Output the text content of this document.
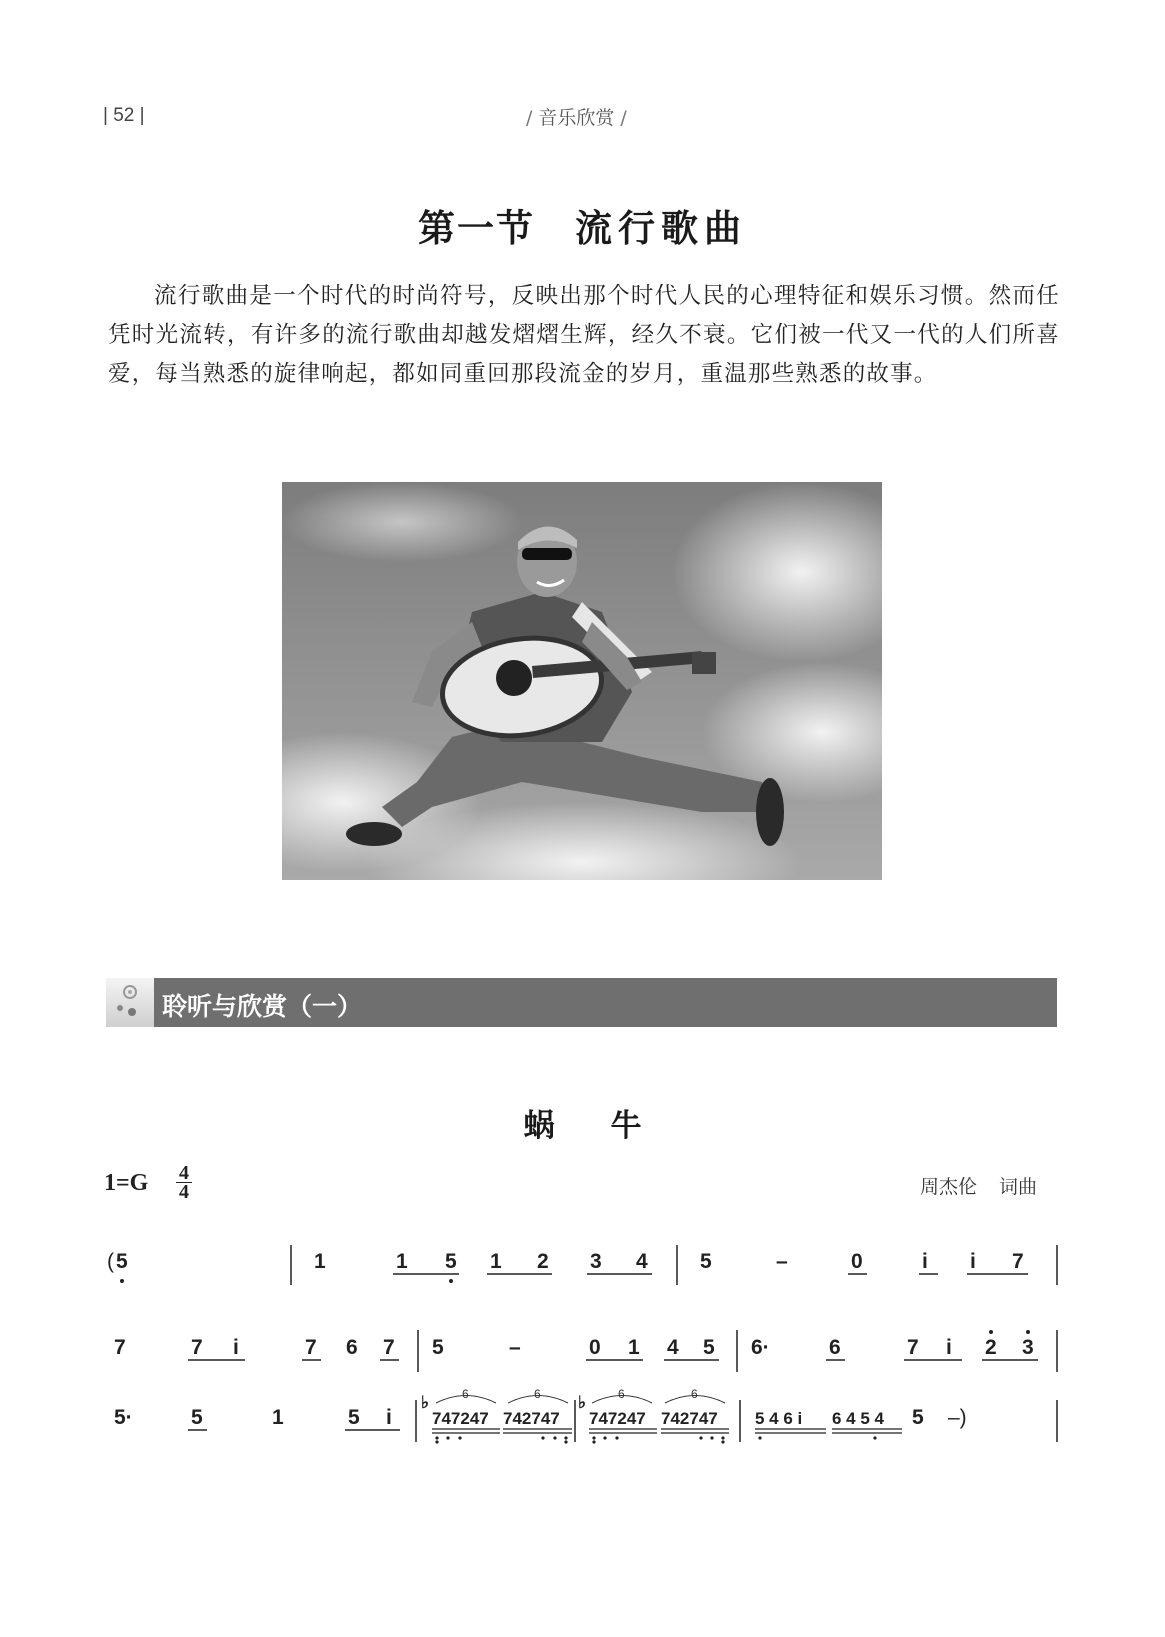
| 52 |	/ 音乐欣赏 /
第一节 流行歌曲

流行歌曲是一个时代的时尚符号，反映出那个时代人民的心理特征和娱乐习惯。然而任凭时光流转，有许多的流行歌曲却越发熠熠生辉，经久不衰。它们被一代又一代的人们所喜爱，每当熟悉的旋律响起，都如同重回那段流金的岁月，重温那些熟悉的故事。

聆听与欣赏（一）
蜗 牛
1=G 4
4	周杰伦 词曲
( 5	1	1 5 1 2 3 4 5	–	0	i i 7
7	7 i	7 6 7 5	–	0 1 4 5 6·	6	7 i 2 3
5·	5	1	5 i
♭	6
747247
6
742747
♭	6
747247
6
742747 5 4 6 i 6 4 5 4 5 –)
